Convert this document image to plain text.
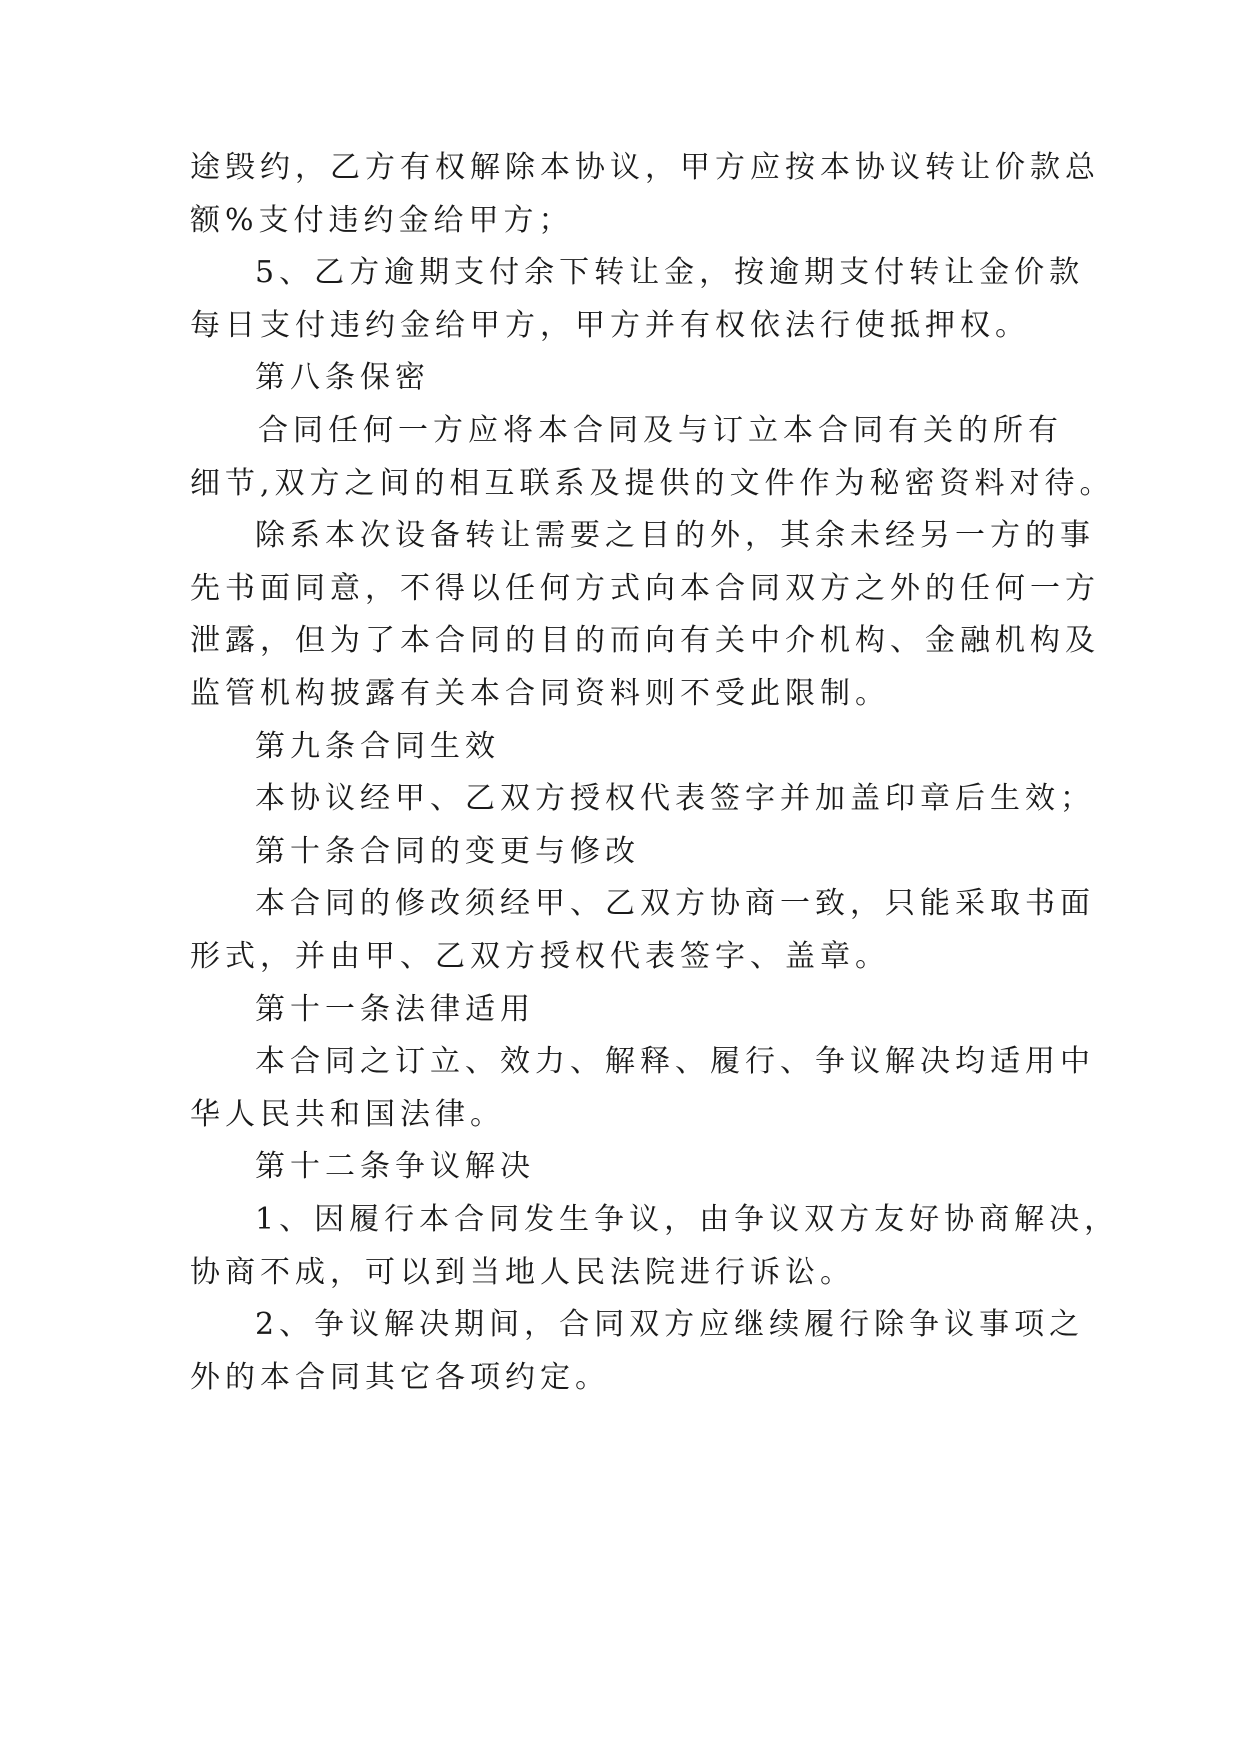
途毁约，乙方有权解除本协议，甲方应按本协议转让价款总
额%支付违约金给甲方；
5、乙方逾期支付余下转让金，按逾期支付转让金价款
每日支付违约金给甲方，甲方并有权依法行使抵押权。
第八条保密
合同任何一方应将本合同及与订立本合同有关的所有
细节,双方之间的相互联系及提供的文件作为秘密资料对待。
除系本次设备转让需要之目的外，其余未经另一方的事
先书面同意，不得以任何方式向本合同双方之外的任何一方
泄露，但为了本合同的目的而向有关中介机构、金融机构及
监管机构披露有关本合同资料则不受此限制。
第九条合同生效
本协议经甲、乙双方授权代表签字并加盖印章后生效；
第十条合同的变更与修改
本合同的修改须经甲、乙双方协商一致，只能采取书面
形式，并由甲、乙双方授权代表签字、盖章。
第十一条法律适用
本合同之订立、效力、解释、履行、争议解决均适用中
华人民共和国法律。
第十二条争议解决
1、因履行本合同发生争议，由争议双方友好协商解决，
协商不成，可以到当地人民法院进行诉讼。
2、争议解决期间，合同双方应继续履行除争议事项之
外的本合同其它各项约定。
